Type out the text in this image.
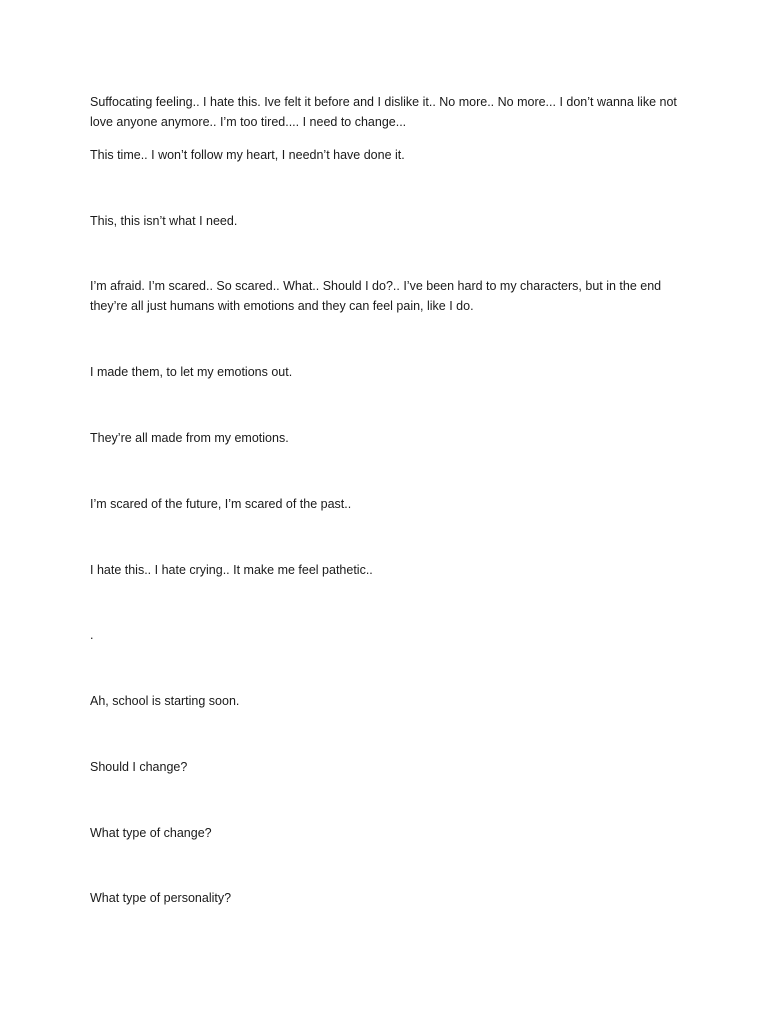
Suffocating feeling.. I hate this. Ive felt it before and I dislike it.. No more.. No more... I don’t wanna like not love anyone anymore.. I’m too tired.... I need to change...

This time.. I won’t follow my heart, I needn’t have done it.

This, this isn’t what I need.

I’m afraid. I’m scared.. So scared.. What.. Should I do?.. I’ve been hard to my characters, but in the end they’re all just humans with emotions and they can feel pain, like I do.

I made them, to let my emotions out.

They’re all made from my emotions.

I’m scared of the future, I’m scared of the past..

I hate this.. I hate crying.. It make me feel pathetic..

.

Ah, school is starting soon.

Should I change?

What type of change?

What type of personality?
